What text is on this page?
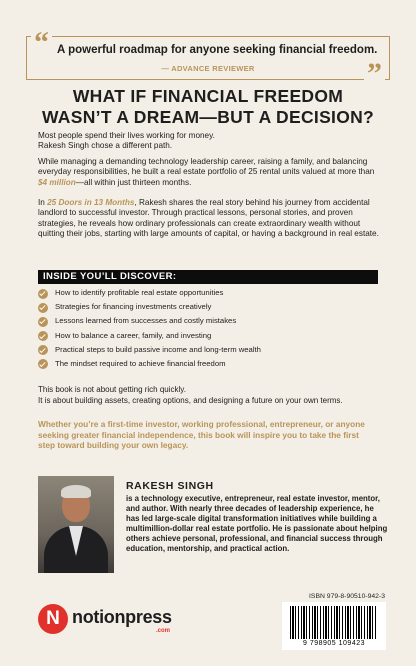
“ A powerful roadmap for anyone seeking financial freedom.
— ADVANCE REVIEWER	”
WHAT IF FINANCIAL FREEDOM
WASN’T A DREAM—BUT A DECISION?
Most people spend their lives working for money.
Rakesh Singh chose a different path.
While managing a demanding technology leadership career, raising a family, and balancing everyday responsibilities, he built a real estate portfolio of 25 rental units valued at more than $4 million—all within just thirteen months.
In 25 Doors in 13 Months, Rakesh shares the real story behind his journey from accidental landlord to successful investor. Through practical lessons, personal stories, and proven strategies, he reveals how ordinary professionals can create extraordinary wealth without quitting their jobs, starting with large amounts of capital, or having a background in real estate.
INSIDE YOU’LL DISCOVER:
How to identify profitable real estate opportunities
Strategies for financing investments creatively
Lessons learned from successes and costly mistakes
How to balance a career, family, and investing
Practical steps to build passive income and long-term wealth
The mindset required to achieve financial freedom
This book is not about getting rich quickly.
It is about building assets, creating options, and designing a future on your own terms.
Whether you’re a first-time investor, working professional, entrepreneur, or anyone seeking greater financial independence, this book will inspire you to take the first step toward building your own legacy.
RAKESH SINGH
is a technology executive, entrepreneur, real estate investor, mentor, and author. With nearly three decades of leadership experience, he has led large-scale digital transformation initiatives while building a multimillion-dollar real estate portfolio. He is passionate about helping others achieve personal, professional, and financial success through education, mentorship, and practical action.
N notionpress
.com
ISBN 979-8-90510-942-3
9 798905 109423
